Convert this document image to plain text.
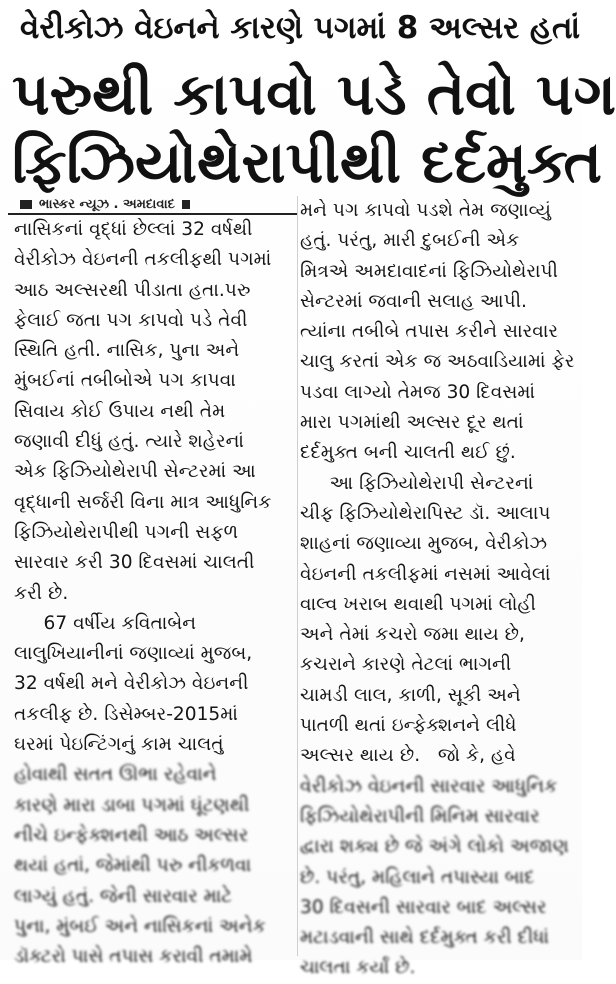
વેરીકોઝ વેઇનને કારણે પગમાં 8 અલ્સર હતાં
પરુથી કાપવો પડે તેવો પગ
ફિઝિયોથેરાપીથી દર્દમુક્ત
ભાસ્કર ન્યૂઝ . અમદાવાદ

નાસિકનાં વૃદ્ધાં છેલ્લાં 32 વર્ષથી

વેરીકોઝ વેઇનની તકલીફથી પગમાં

આઠ અલ્સરથી પીડાતા હતા.પરુ

ફેલાઈ જતા પગ કાપવો પડે તેવી

સ્થિતિ હતી. નાસિક, પુના અને

મુંબઈનાં તબીબોએ પગ કાપવા

સિવાય કોઈ ઉપાય નથી તેમ

જણાવી દીધું હતું. ત્યારે શહેરનાં

એક ફિઝિયોથેરાપી સેન્ટરમાં આ

વૃદ્ધાની સર્જરી વિના માત્ર આધુનિક

ફિઝિયોથેરાપીથી પગની સફળ

સારવાર કરી 30 દિવસમાં ચાલતી

કરી છે.

67 વર્ષીય કવિતાબેન

લાલુખિયાનીનાં જણાવ્યાં મુજબ,

32 વર્ષથી મને વેરીકોઝ વેઇનની

તકલીફ છે. ડિસેમ્બર-2015માં

ઘરમાં પેઇન્ટિંગનું કામ ચાલતું

હોવાથી સતત ઊભા રહેવાને

કારણે મારા ડાબા પગમાં ઘૂંટણથી

નીચે ઇન્ફેક્શનથી આઠ અલ્સર

થયાં હતાં, જેમાંથી પરુ નીકળવા

લાગ્યું હતું. જેની સારવાર માટે

પુના, મુંબઈ અને નાસિકનાં અનેક

ડૉક્ટરો પાસે તપાસ કરાવી તમામે

મને પગ કાપવો પડશે તેમ જણાવ્યું

હતું. પરંતુ, મારી દુબઈની એક

મિત્રએ અમદાવાદનાં ફિઝિયોથેરાપી

સેન્ટરમાં જવાની સલાહ આપી.

ત્યાંના તબીબે તપાસ કરીને સારવાર

ચાલુ કરતાં એક જ અઠવાડિયામાં ફેર

પડવા લાગ્યો તેમજ 30 દિવસમાં

મારા પગમાંથી અલ્સર દૂર થતાં

દર્દમુક્ત બની ચાલતી થઈ છું.

આ ફિઝિયોથેરાપી સેન્ટરનાં

ચીફ ફિઝિયોથેરાપિસ્ટ ડૉ. આલાપ

શાહનાં જણાવ્યા મુજબ, વેરીકોઝ

વેઇનની તકલીફમાં નસમાં આવેલાં

વાલ્વ ખરાબ થવાથી પગમાં લોહી

અને તેમાં કચરો જમા થાય છે,

કચરાને કારણે તેટલાં ભાગની

ચામડી લાલ, કાળી, સૂકી અને

પાતળી થતાં ઇન્ફેક્શનને લીધે

અલ્સર થાય છે.   જો કે, હવે

વેરીકોઝ વેઇનની સારવાર આધુનિક

ફિઝિયોથેરાપીની મિનિમ સારવાર

દ્વારા શક્ય છે જે અંગે લોકો અજાણ

છે. પરંતુ, મહિલાને તપાસ્યા બાદ

30 દિવસની સારવાર બાદ અલ્સર

મટાડવાની સાથે દર્દમુક્ત કરી દીધાં

ચાલતા કર્યાં છે.
